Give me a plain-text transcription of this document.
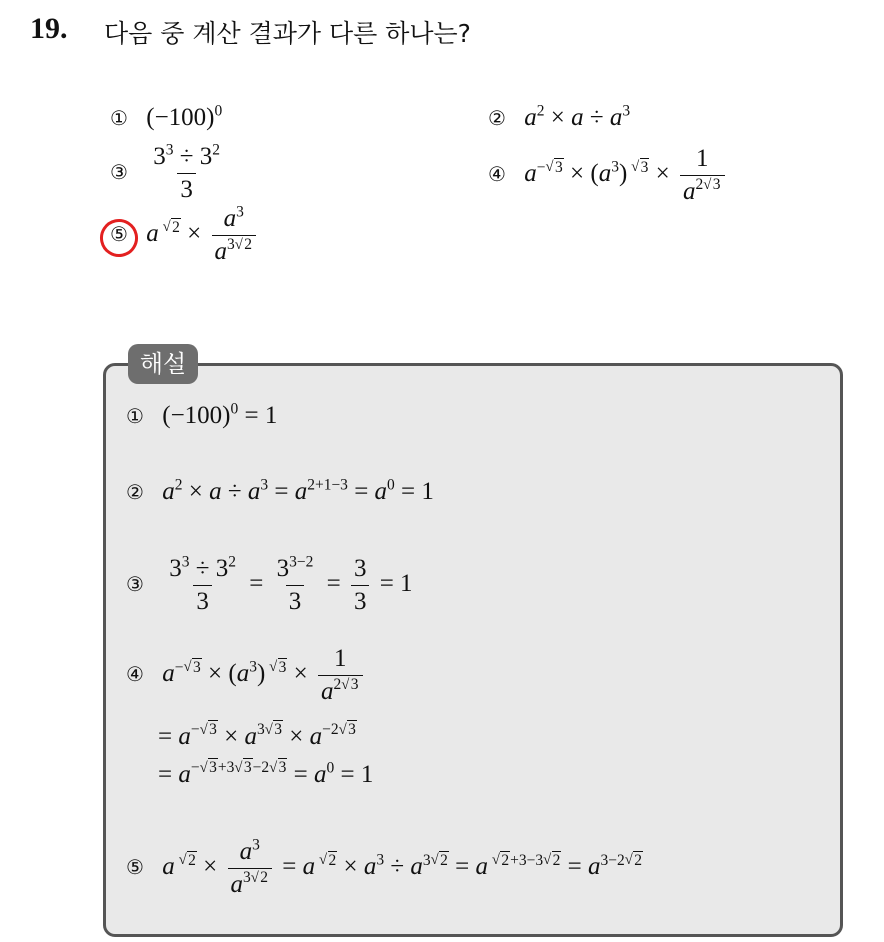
19. 다음 중 계산 결과가 다른 하나는?
① $(-100)^0$	② $a^2 \times a \div a^3$
③ $\frac{3^3 \div 3^2}{3}$	④ $a^{- 3} \times (a^3) ^3 \times \frac{1}{a^{2 3}}$
⑤ a $^2 \times \frac{a^3}{a^{3 2}}$
해설
① $(-100)^0 = 1$
② $a^2 \times a \div a^3 = a^{2+1-3} = a^0 = 1$
③ $\frac{3^3 \div 3^2}{3} = \frac{3^{3-2}}{3} = \frac{3}{3} = 1$
④ $a^{- 3} \times (a^3) ^3 \times \frac{1}{a^{2 3}}$
= $a^{- 3} \times a^{3 3} \times a^{-2 3}$
= $a^{- 3+3 3-2 3} = a^0 = 1$
⑤ a $^2 \times \frac{a^3}{a^{3 2}} = a$ $^2 \times a^3 \div a^{3 2} = a$ $^{2+3-3 2} = a^{3-2 2}$
